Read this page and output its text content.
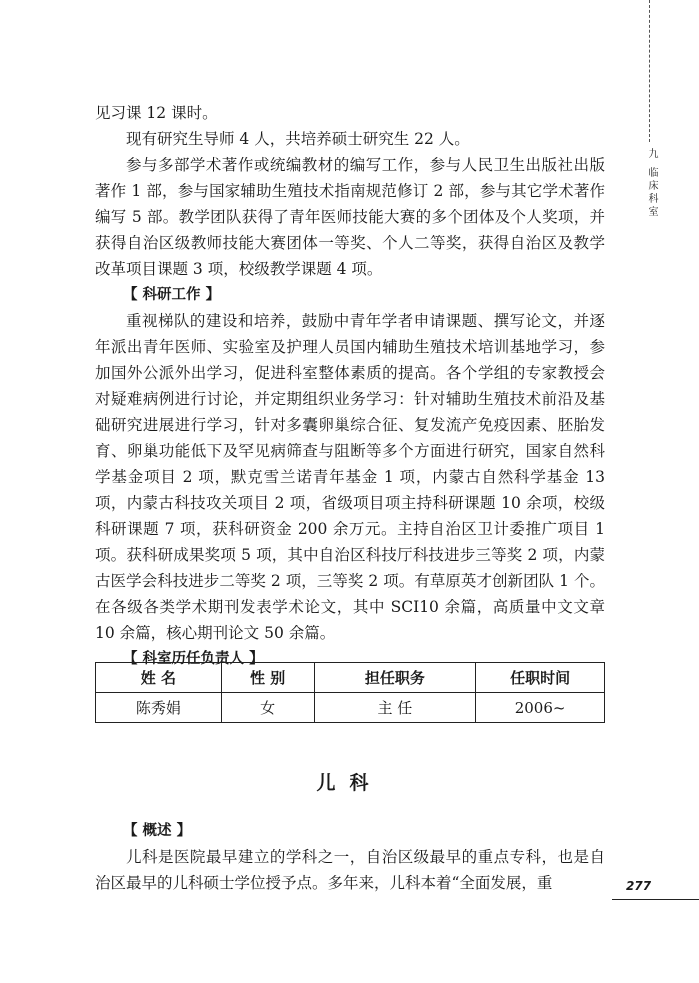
九 临床科室

见习课 12 课时。

现有研究生导师 4 人，共培养硕士研究生 22 人。

参与多部学术著作或统编教材的编写工作，参与人民卫生出版社出版著作 1 部，参与国家辅助生殖技术指南规范修订 2 部，参与其它学术著作编写 5 部。教学团队获得了青年医师技能大赛的多个团体及个人奖项，并获得自治区级教师技能大赛团体一等奖、个人二等奖，获得自治区及教学改革项目课题 3 项，校级教学课题 4 项。

【 科研工作 】

重视梯队的建设和培养，鼓励中青年学者申请课题、撰写论文，并逐年派出青年医师、实验室及护理人员国内辅助生殖技术培训基地学习，参加国外公派外出学习，促进科室整体素质的提高。各个学组的专家教授会对疑难病例进行讨论，并定期组织业务学习：针对辅助生殖技术前沿及基础研究进展进行学习，针对多囊卵巢综合征、复发流产免疫因素、胚胎发育、卵巢功能低下及罕见病筛查与阻断等多个方面进行研究，国家自然科学基金项目 2 项，默克雪兰诺青年基金 1 项，内蒙古自然科学基金 13 项，内蒙古科技攻关项目 2 项，省级项目项主持科研课题 10 余项，校级科研课题 7 项，获科研资金 200 余万元。主持自治区卫计委推广项目 1 项。获科研成果奖项 5 项，其中自治区科技厅科技进步三等奖 2 项，内蒙古医学会科技进步二等奖 2 项，三等奖 2 项。有草原英才创新团队 1 个。在各级各类学术期刊发表学术论文，其中 SCI10 余篇，高质量中文文章 10 余篇，核心期刊论文 50 余篇。

【 科室历任负责人 】

姓 名	性 别	担任职务	任职时间
陈秀娟	女	主 任	2006~
儿科

【 概述 】

儿科是医院最早建立的学科之一，自治区级最早的重点专科，也是自治区最早的儿科硕士学位授予点。多年来，儿科本着“全面发展，重	277
